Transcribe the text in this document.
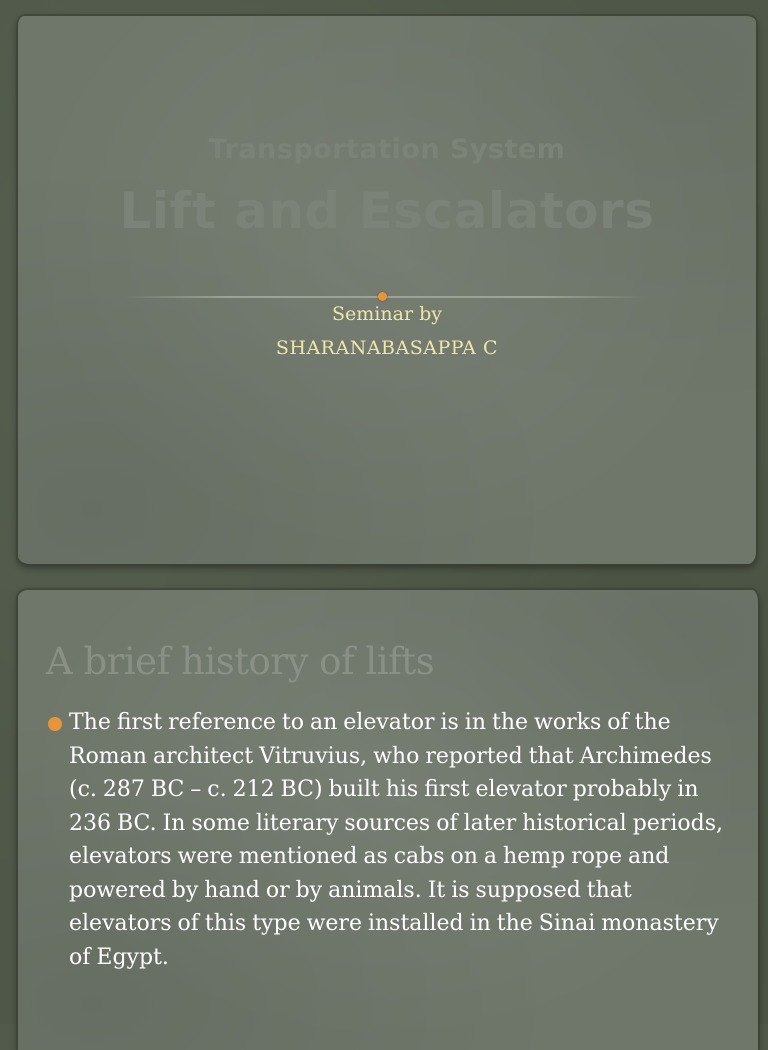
Transportation System
Lift and Escalators
Seminar by
SHARANABASAPPA C
A brief history of lifts
The first reference to an elevator is in the works of the Roman architect Vitruvius, who reported that Archimedes (c. 287 BC – c. 212 BC) built his first elevator probably in 236 BC. In some literary sources of later historical periods, elevators were mentioned as cabs on a hemp rope and powered by hand or by animals. It is supposed that elevators of this type were installed in the Sinai monastery of Egypt.
